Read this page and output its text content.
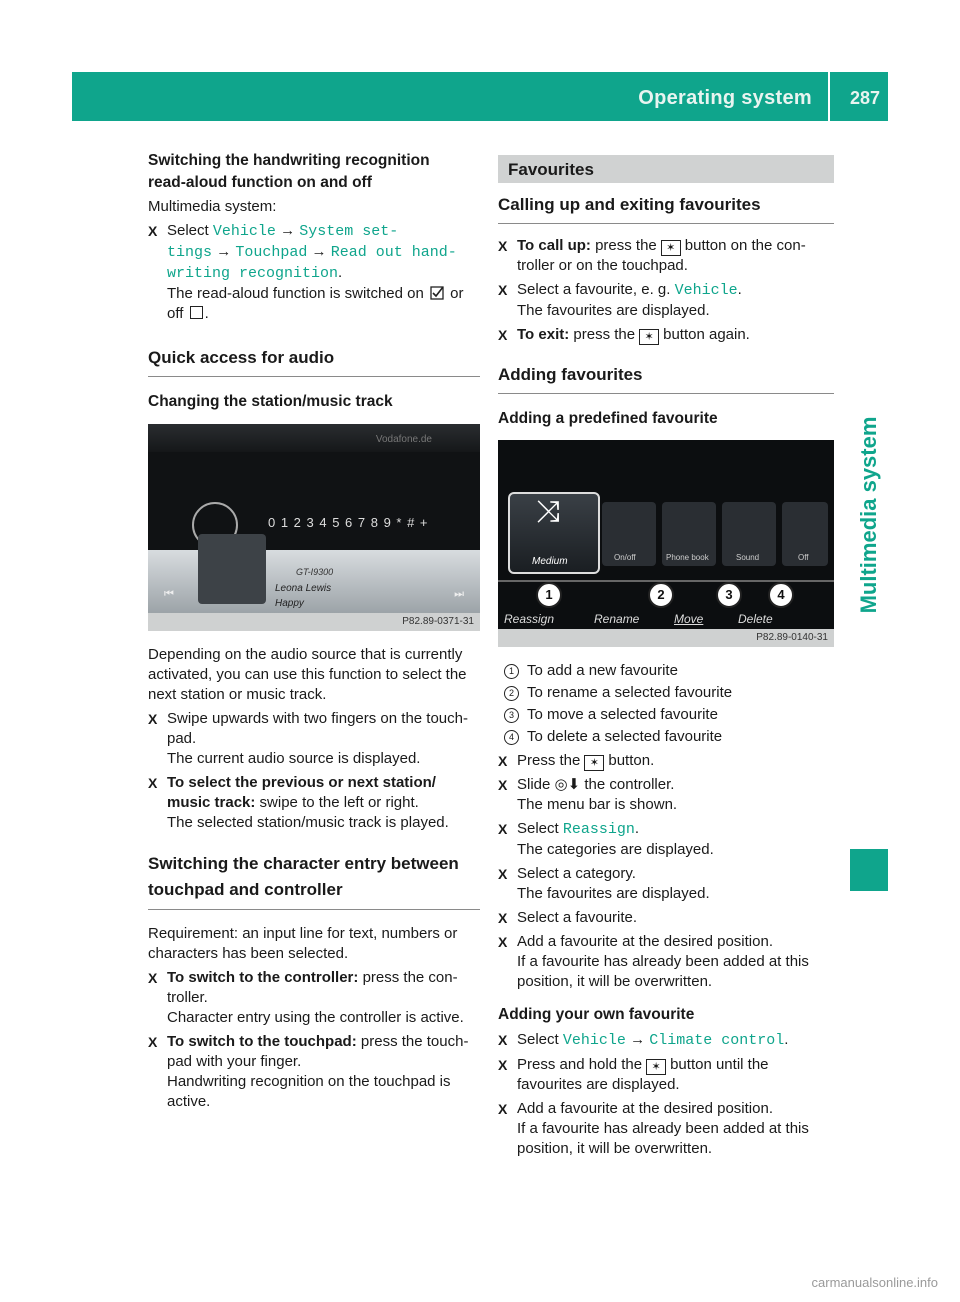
Operating system 287
Multimedia system
Switching the handwriting recognition
read-aloud function on and off

Multimedia system:

X Select Vehicle → System set‐
tings → Touchpad → Read out hand‐
writing recognition.
The read-aloud function is switched on or
off .
Quick access for audio
Changing the station/music track
Vodafone.de
0 1 2 3 4 5 6 7 8 9 * # +
GT-I9300
Leona Lewis
Happy
⏮	⏭
P82.89-0371-31

Depending on the audio source that is currently activated, you can use this function to select the next station or music track.

X Swipe upwards with two fingers on the touch-
pad.
The current audio source is displayed.
X To select the previous or next station/
music track: swipe to the left or right.
The selected station/music track is played.
Switching the character entry between
touchpad and controller

Requirement: an input line for text, numbers or characters has been selected.

X To switch to the controller: press the con-
troller.
Character entry using the controller is active.
X To switch to the touchpad: press the touch-
pad with your finger.
Handwriting recognition on the touchpad is active.
Favourites
Calling up and exiting favourites
X To call up: press the ✶ button on the con-
troller or on the touchpad.
X Select a favourite, e. g. Vehicle.
The favourites are displayed.
X To exit: press the ✶ button again.
Adding favourites
Adding a predefined favourite
⤨
Medium	On/off	Phone book	Sound	Off
1	2	3	4
Reassign	Rename	Move	Delete
P82.89-0140-31
1 To add a new favourite
2 To rename a selected favourite
3 To move a selected favourite
4 To delete a selected favourite
X Press the ✶ button.
X Slide ◎⬇ the controller.
The menu bar is shown.
X Select Reassign.
The categories are displayed.
X Select a category.
The favourites are displayed.
X Select a favourite.
X Add a favourite at the desired position.
If a favourite has already been added at this
position, it will be overwritten.
Adding your own favourite
X Select Vehicle → Climate control.
X Press and hold the ✶ button until the
favourites are displayed.
X Add a favourite at the desired position.
If a favourite has already been added at this
position, it will be overwritten.
carmanualsonline.info
